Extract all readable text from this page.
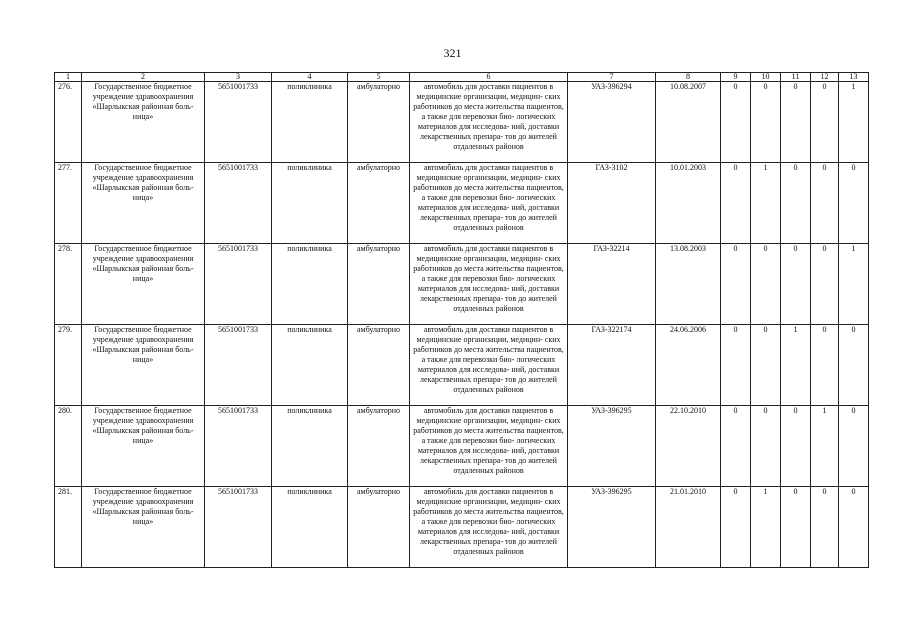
321
1	2	3	4	5	6	7	8	9	10	11	12	13
276.	Государственное бюджетное учреждение здравоохранения «Шарлыкская районная боль- ница»	5651001733	поликлиника	амбулаторно	автомобиль для доставки пациентов в медицинские организации, медицин- ских работников до места жительства пациентов, а также для перевозки био- логических материалов для исследова- ний, доставки лекарственных препара- тов до жителей отдаленных районов	УАЗ-396294	10.08.2007	0	0	0	0	1
277.	Государственное бюджетное учреждение здравоохранения «Шарлыкская районная боль- ница»	5651001733	поликлиника	амбулаторно	автомобиль для доставки пациентов в медицинские организации, медицин- ских работников до места жительства пациентов, а также для перевозки био- логических материалов для исследова- ний, доставки лекарственных препара- тов до жителей отдаленных районов	ГАЗ-3102	10.01.2003	0	1	0	0	0
278.	Государственное бюджетное учреждение здравоохранения «Шарлыкская районная боль- ница»	5651001733	поликлиника	амбулаторно	автомобиль для доставки пациентов в медицинские организации, медицин- ских работников до места жительства пациентов, а также для перевозки био- логических материалов для исследова- ний, доставки лекарственных препара- тов до жителей отдаленных районов	ГАЗ-32214	13.08.2003	0	0	0	0	1
279.	Государственное бюджетное учреждение здравоохранения «Шарлыкская районная боль- ница»	5651001733	поликлиника	амбулаторно	автомобиль для доставки пациентов в медицинские организации, медицин- ских работников до места жительства пациентов, а также для перевозки био- логических материалов для исследова- ний, доставки лекарственных препара- тов до жителей отдаленных районов	ГАЗ-322174	24.06.2006	0	0	1	0	0
280.	Государственное бюджетное учреждение здравоохранения «Шарлыкская районная боль- ница»	5651001733	поликлиника	амбулаторно	автомобиль для доставки пациентов в медицинские организации, медицин- ских работников до места жительства пациентов, а также для перевозки био- логических материалов для исследова- ний, доставки лекарственных препара- тов до жителей отдаленных районов	УАЗ-396295	22.10.2010	0	0	0	1	0
281.	Государственное бюджетное учреждение здравоохранения «Шарлыкская районная боль- ница»	5651001733	поликлиника	амбулаторно	автомобиль для доставки пациентов в медицинские организации, медицин- ских работников до места жительства пациентов, а также для перевозки био- логических материалов для исследова- ний, доставки лекарственных препара- тов до жителей отдаленных районов	УАЗ-396295	21.01.2010	0	1	0	0	0
